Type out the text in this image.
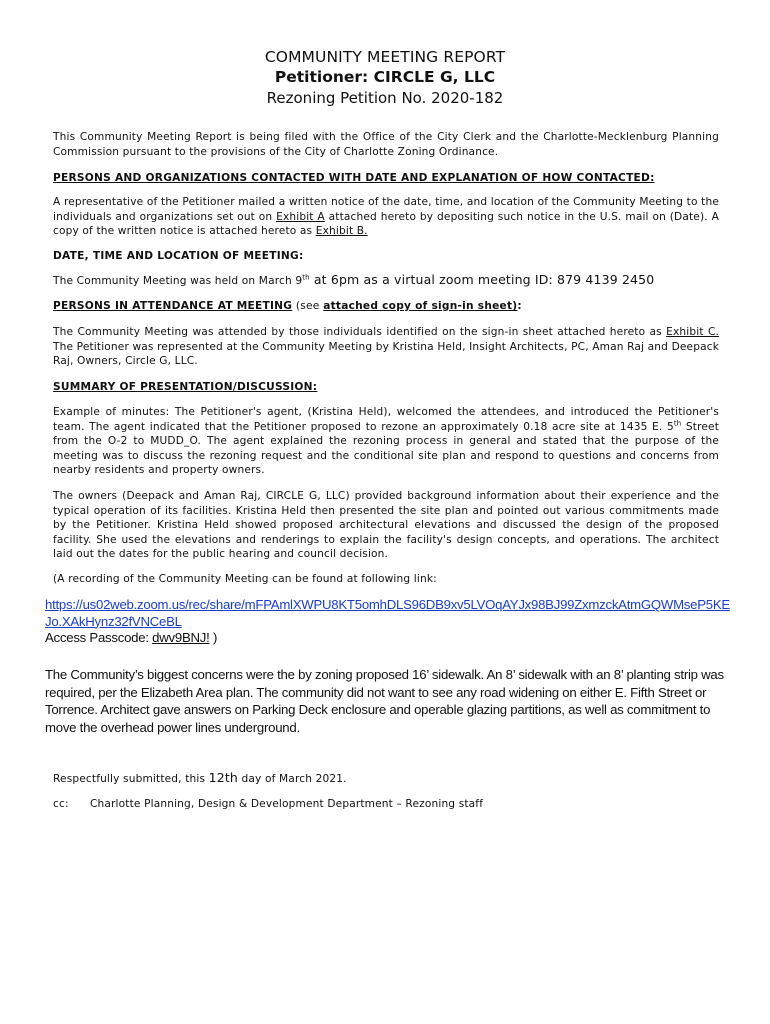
COMMUNITY MEETING REPORT
Petitioner: CIRCLE G, LLC
Rezoning Petition No. 2020-182
This Community Meeting Report is being filed with the Office of the City Clerk and the Charlotte-Mecklenburg Planning Commission pursuant to the provisions of the City of Charlotte Zoning Ordinance.
PERSONS AND ORGANIZATIONS CONTACTED WITH DATE AND EXPLANATION OF HOW CONTACTED:
A representative of the Petitioner mailed a written notice of the date, time, and location of the Community Meeting to the individuals and organizations set out on Exhibit A attached hereto by depositing such notice in the U.S. mail on (Date). A copy of the written notice is attached hereto as Exhibit B.
DATE, TIME AND LOCATION OF MEETING:
The Community Meeting was held on March 9th at 6pm as a virtual zoom meeting ID: 879 4139 2450
PERSONS IN ATTENDANCE AT MEETING (see attached copy of sign-in sheet):
The Community Meeting was attended by those individuals identified on the sign-in sheet attached hereto as Exhibit C. The Petitioner was represented at the Community Meeting by Kristina Held, Insight Architects, PC, Aman Raj and Deepack Raj, Owners, Circle G, LLC.
SUMMARY OF PRESENTATION/DISCUSSION:
Example of minutes: The Petitioner's agent, (Kristina Held), welcomed the attendees, and introduced the Petitioner's team. The agent indicated that the Petitioner proposed to rezone an approximately 0.18 acre site at 1435 E. 5th Street from the O-2 to MUDD_O. The agent explained the rezoning process in general and stated that the purpose of the meeting was to discuss the rezoning request and the conditional site plan and respond to questions and concerns from nearby residents and property owners.
The owners (Deepack and Aman Raj, CIRCLE G, LLC) provided background information about their experience and the typical operation of its facilities. Kristina Held then presented the site plan and pointed out various commitments made by the Petitioner. Kristina Held showed proposed architectural elevations and discussed the design of the proposed facility. She used the elevations and renderings to explain the facility's design concepts, and operations. The architect laid out the dates for the public hearing and council decision.
(A recording of the Community Meeting can be found at following link:
https://us02web.zoom.us/rec/share/mFPAmlXWPU8KT5omhDLS96DB9xv5LVOqAYJx98BJ99ZxmzckAtmGQWMseP5KEJo.XAkHynz32fVNCeBL
Access Passcode: dwv9BNJ! )
The Community’s biggest concerns were the by zoning proposed 16’ sidewalk. An 8’ sidewalk with an 8’ planting strip was required, per the Elizabeth Area plan. The community did not want to see any road widening on either E. Fifth Street or Torrence. Architect gave answers on Parking Deck enclosure and operable glazing partitions, as well as commitment to move the overhead power lines underground.
Respectfully submitted, this 12th day of March 2021.
cc: Charlotte Planning, Design & Development Department – Rezoning staff
